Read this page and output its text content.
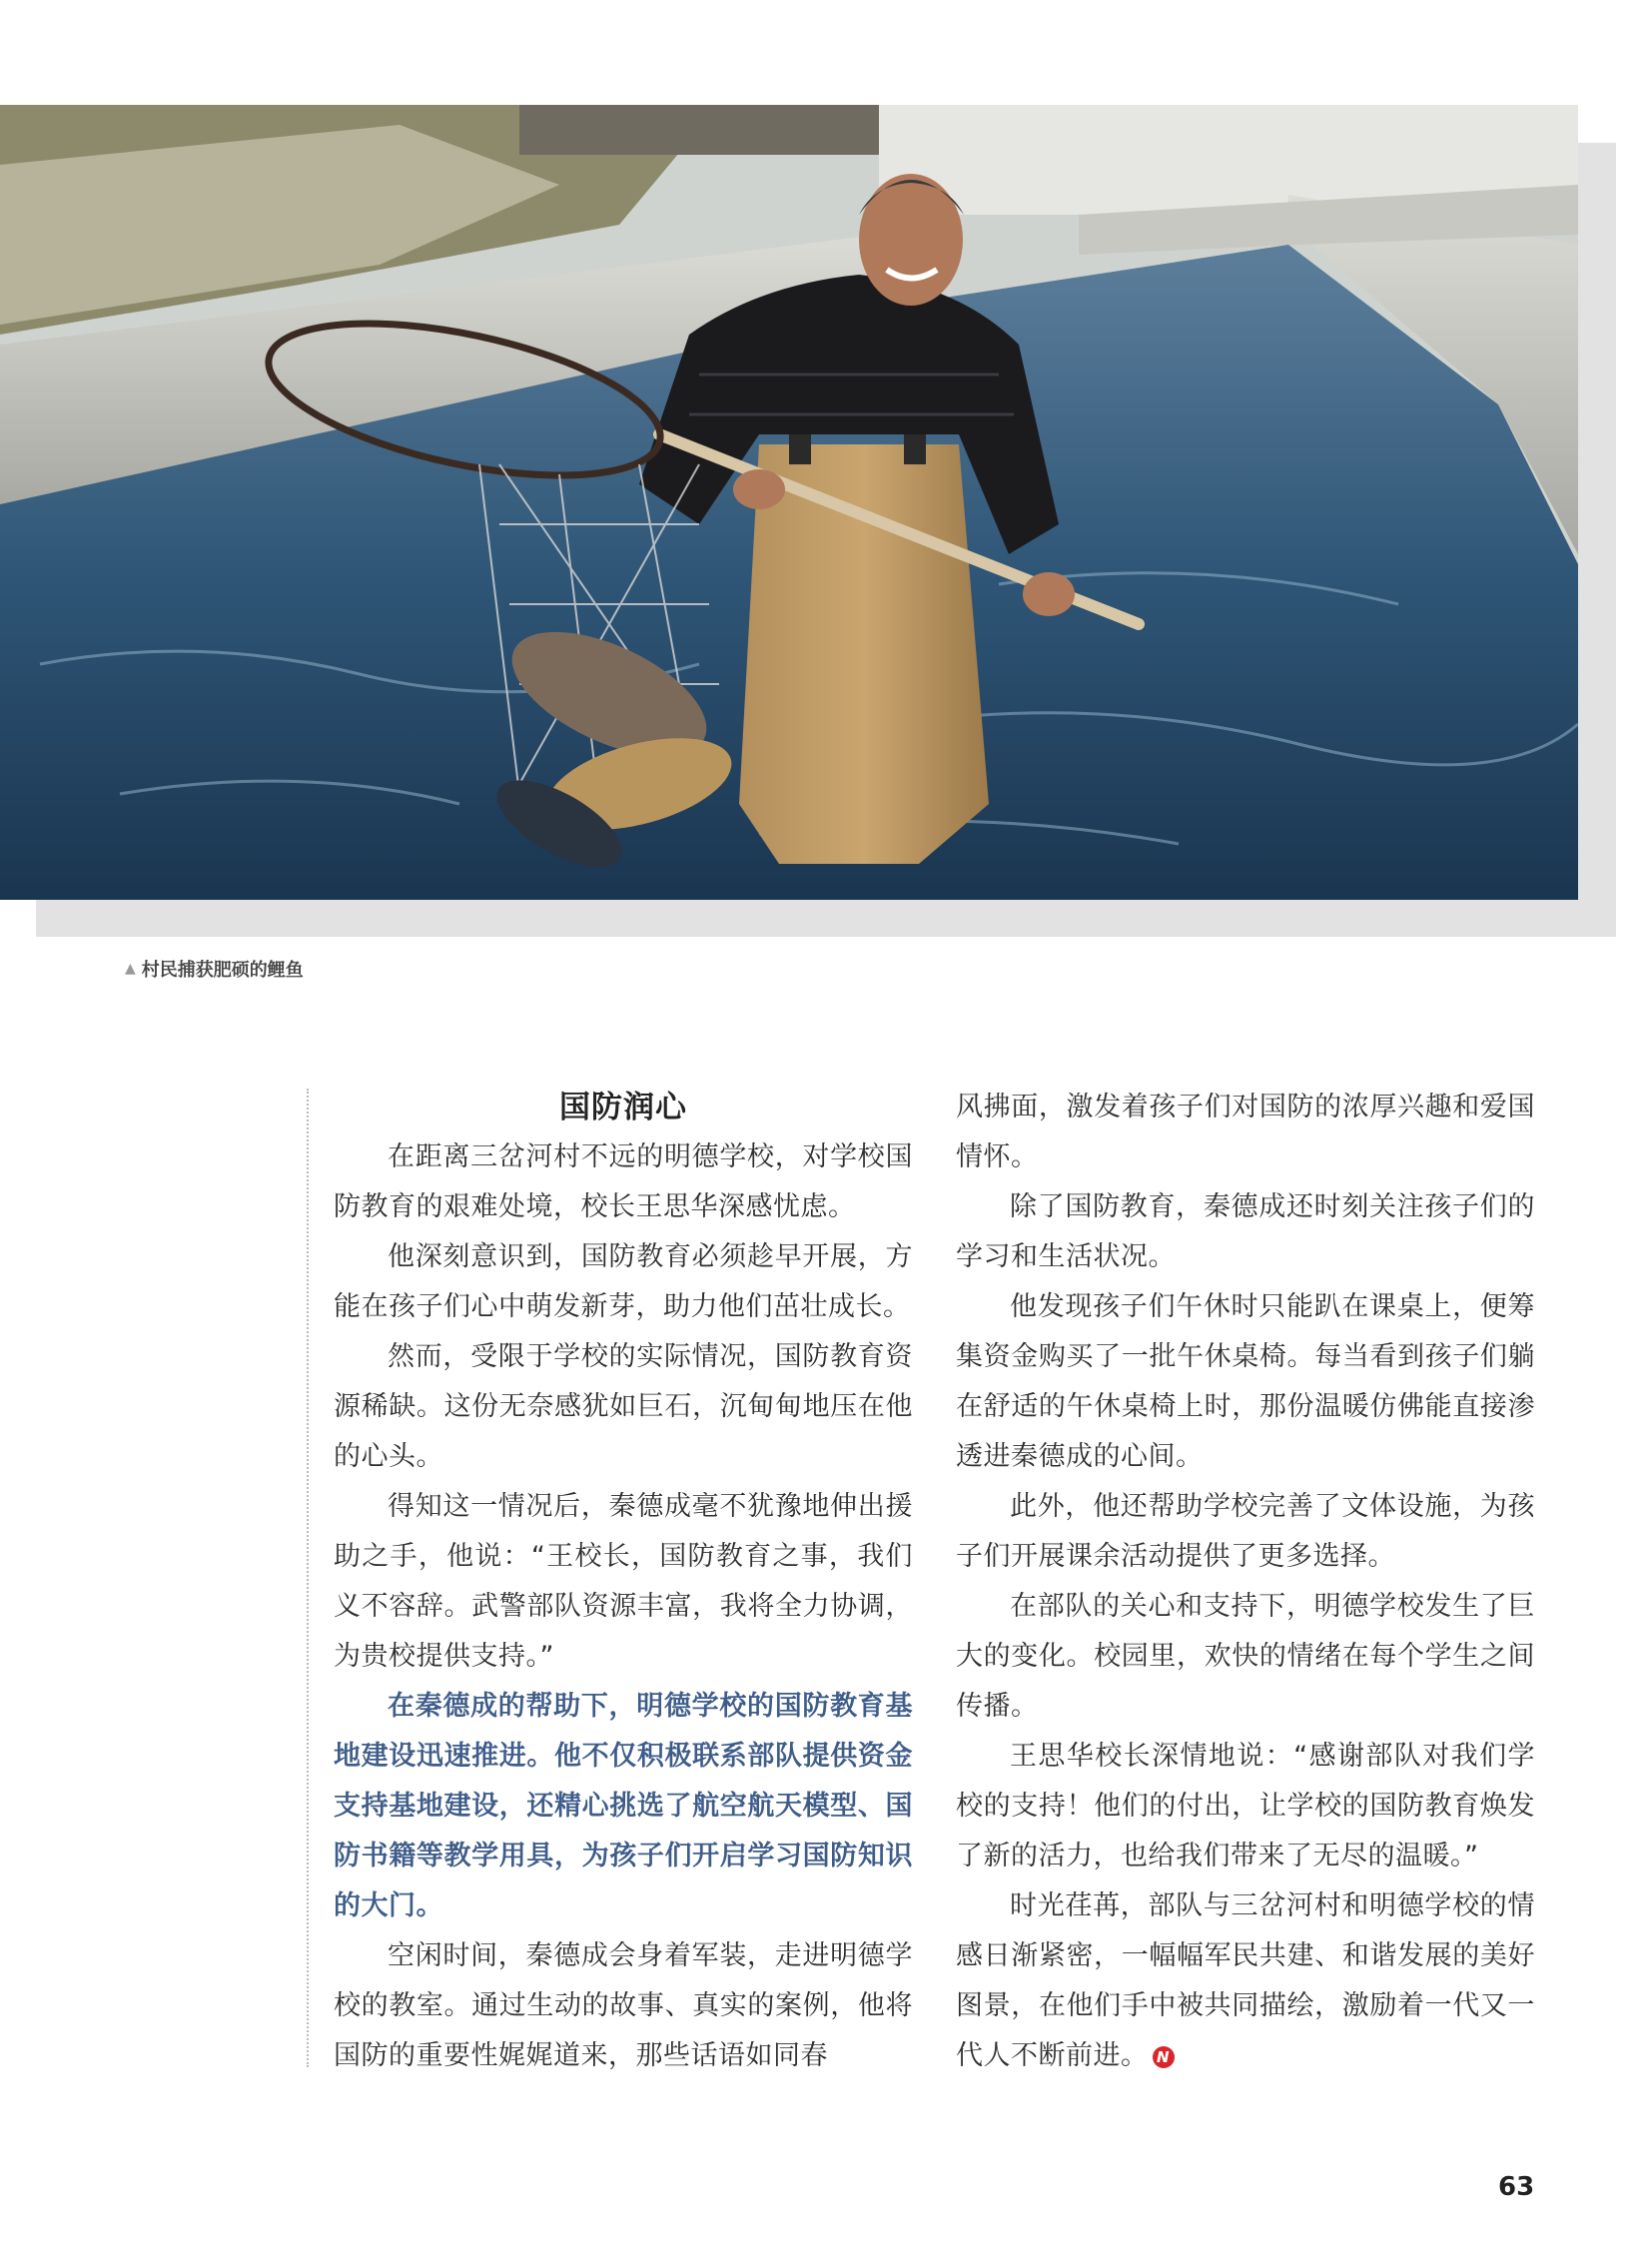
▲ 村民捕获肥硕的鲤鱼
国防润心

在距离三岔河村不远的明德学校，对学校国防教育的艰难处境，校长王思华深感忧虑。

他深刻意识到，国防教育必须趁早开展，方能在孩子们心中萌发新芽，助力他们茁壮成长。

然而，受限于学校的实际情况，国防教育资源稀缺。这份无奈感犹如巨石，沉甸甸地压在他的心头。

得知这一情况后，秦德成毫不犹豫地伸出援助之手，他说：“王校长，国防教育之事，我们义不容辞。武警部队资源丰富，我将全力协调，为贵校提供支持。”

在秦德成的帮助下，明德学校的国防教育基地建设迅速推进。他不仅积极联系部队提供资金支持基地建设，还精心挑选了航空航天模型、国防书籍等教学用具，为孩子们开启学习国防知识的大门。

空闲时间，秦德成会身着军装，走进明德学校的教室。通过生动的故事、真实的案例，他将国防的重要性娓娓道来，那些话语如同春

风拂面，激发着孩子们对国防的浓厚兴趣和爱国情怀。

除了国防教育，秦德成还时刻关注孩子们的学习和生活状况。

他发现孩子们午休时只能趴在课桌上，便筹集资金购买了一批午休桌椅。每当看到孩子们躺在舒适的午休桌椅上时，那份温暖仿佛能直接渗透进秦德成的心间。

此外，他还帮助学校完善了文体设施，为孩子们开展课余活动提供了更多选择。

在部队的关心和支持下，明德学校发生了巨大的变化。校园里，欢快的情绪在每个学生之间传播。

王思华校长深情地说：“感谢部队对我们学校的支持！他们的付出，让学校的国防教育焕发了新的活力，也给我们带来了无尽的温暖。”

时光荏苒，部队与三岔河村和明德学校的情感日渐紧密，一幅幅军民共建、和谐发展的美好图景，在他们手中被共同描绘，激励着一代又一代人不断前进。 N

63
